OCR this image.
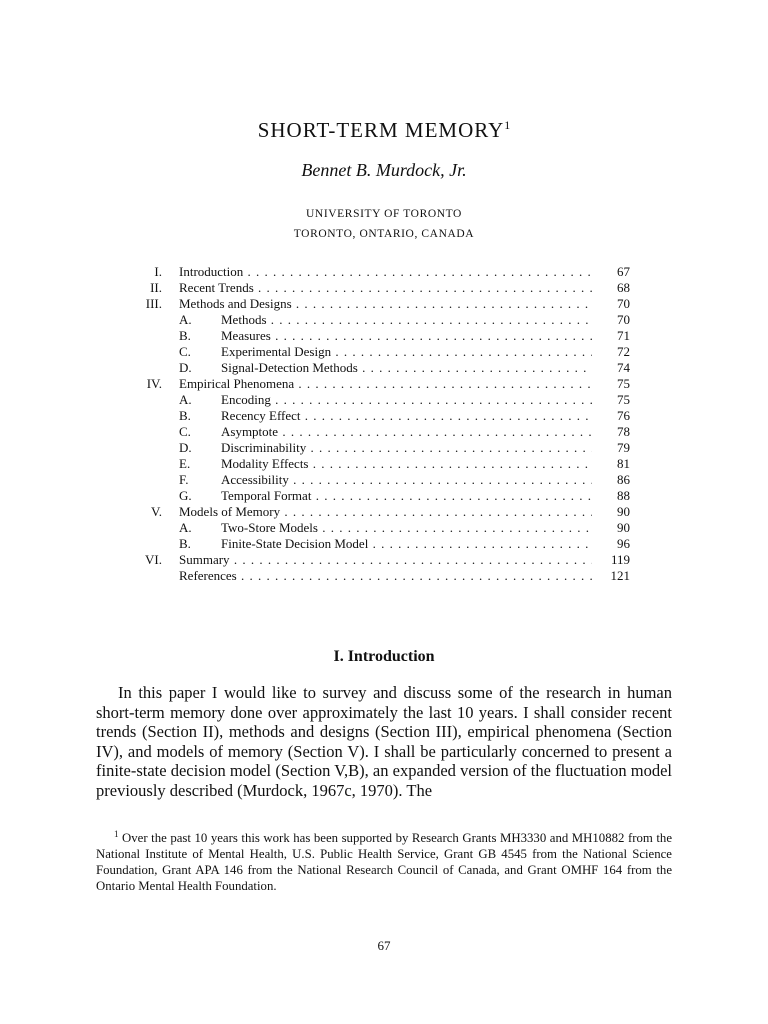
SHORT-TERM MEMORY$^1$
Bennet B. Murdock, Jr.
UNIVERSITY OF TORONTO
TORONTO, ONTARIO, CANADA
I. Introduction . . .	67
II. Recent Trends . . .	68
III. Methods and Designs . . .	70
A. Methods . . .	70
B. Measures . . .	71
C. Experimental Design . . .	72
D. Signal-Detection Methods . . .	74
IV. Empirical Phenomena . . .	75
A. Encoding . . .	75
B. Recency Effect . . .	76
C. Asymptote . . .	78
D. Discriminability . . .	79
E. Modality Effects . . .	81
F.	Accessibility . . .	86
G. Temporal Format . . .	88
V. Models of Memory . . .	90
A. Two-Store Models . . .	90
B. Finite-State Decision Model . . .	96
VI. Summary . . .	119
References . . .	121
I. Introduction
In this paper I would like to survey and discuss some of the research in human short-term memory done over approximately the last 10 years. I shall consider recent trends (Section II), methods and designs (Section III), empirical phenomena (Section IV), and models of memory (Section V). I shall be particularly concerned to present a finite-state decision model (Section V,B), an expanded version of the fluctuation model previously described (Murdock, 1967c, 1970). The
$^1$ Over the past 10 years this work has been supported by Research Grants MH3330 and MH10882 from the National Institute of Mental Health, U.S. Public Health Service, Grant GB 4545 from the National Science Foundation, Grant APA 146 from the National Research Council of Canada, and Grant OMHF 164 from the Ontario Mental Health Foundation.
67
